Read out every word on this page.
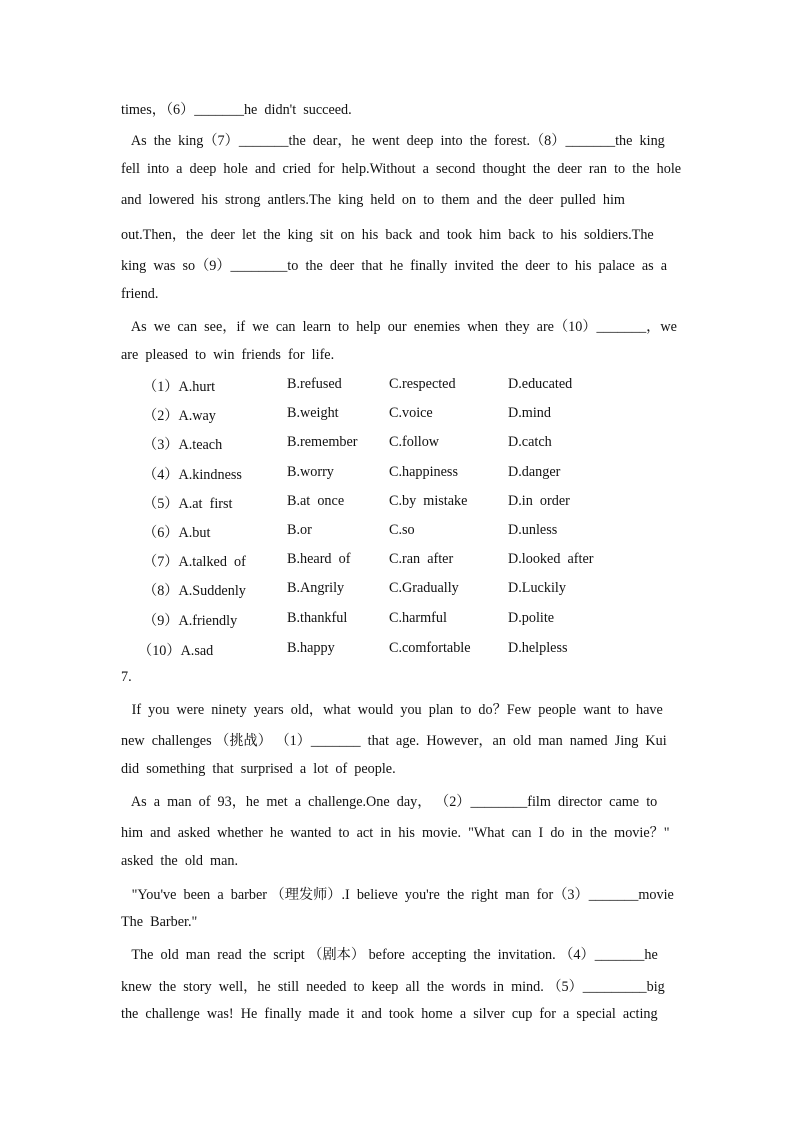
times，（6）_______he  didn't  succeed.
As  the  king（7）_______the  dear，he  went  deep  into  the  forest.（8）_______the  king
fell  into  a  deep  hole  and  cried  for  help.Without  a  second  thought  the  deer  ran  to  the  hole
and  lowered  his  strong  antlers.The  king  held  on  to  them  and  the  deer  pulled  him
out.Then，the  deer  let  the  king  sit  on  his  back  and  took  him  back  to  his  soldiers.The
king  was  so（9）________to  the  deer  that  he  finally  invited  the  deer  to  his  palace  as  a
friend.
As  we  can  see，if  we  can  learn  to  help  our  enemies  when  they  are（10）_______，we
are  pleased  to  win  friends  for  life.
（1）A.hurt	B.refused	C.respected	D.educated
（2）A.way	B.weight	C.voice	D.mind
（3）A.teach	B.remember C.follow	D.catch
（4）A.kindness	B.worry	C.happiness	D.danger
（5）A.at  first	B.at  once	C.by  mistake	D.in  order
（6）A.but	B.or	C.so	D.unless
（7）A.talked  of	B.heard  of	C.ran  after	D.looked  after
（8）A.Suddenly	B.Angrily	C.Gradually	D.Luckily
（9）A.friendly	B.thankful	C.harmful	D.polite
（10）A.sad	B.happy	C.comfortable	D.helpless
7.
If  you  were  ninety  years  old，what  would  you  plan  to  do？Few  people  want  to  have
new  challenges （挑战） （1）_______  that  age.  However，an  old  man  named  Jing  Kui
did  something  that  surprised  a  lot  of  people.
As  a  man  of  93，he  met  a  challenge.One  day， （2）________film  director  came  to
him  and  asked  whether  he  wanted  to  act  in  his  movie.  "What  can  I  do  in  the  movie？"
asked  the  old  man.
"You've  been  a  barber （理发师）.I  believe  you're  the  right  man  for（3）_______movie
The  Barber."
The  old  man  read  the  script （剧本） before  accepting  the  invitation. （4）_______he
knew  the  story  well，he  still  needed  to  keep  all  the  words  in  mind. （5）_________big
the  challenge  was!  He  finally  made  it  and  took  home  a  silver  cup  for  a  special  acting
